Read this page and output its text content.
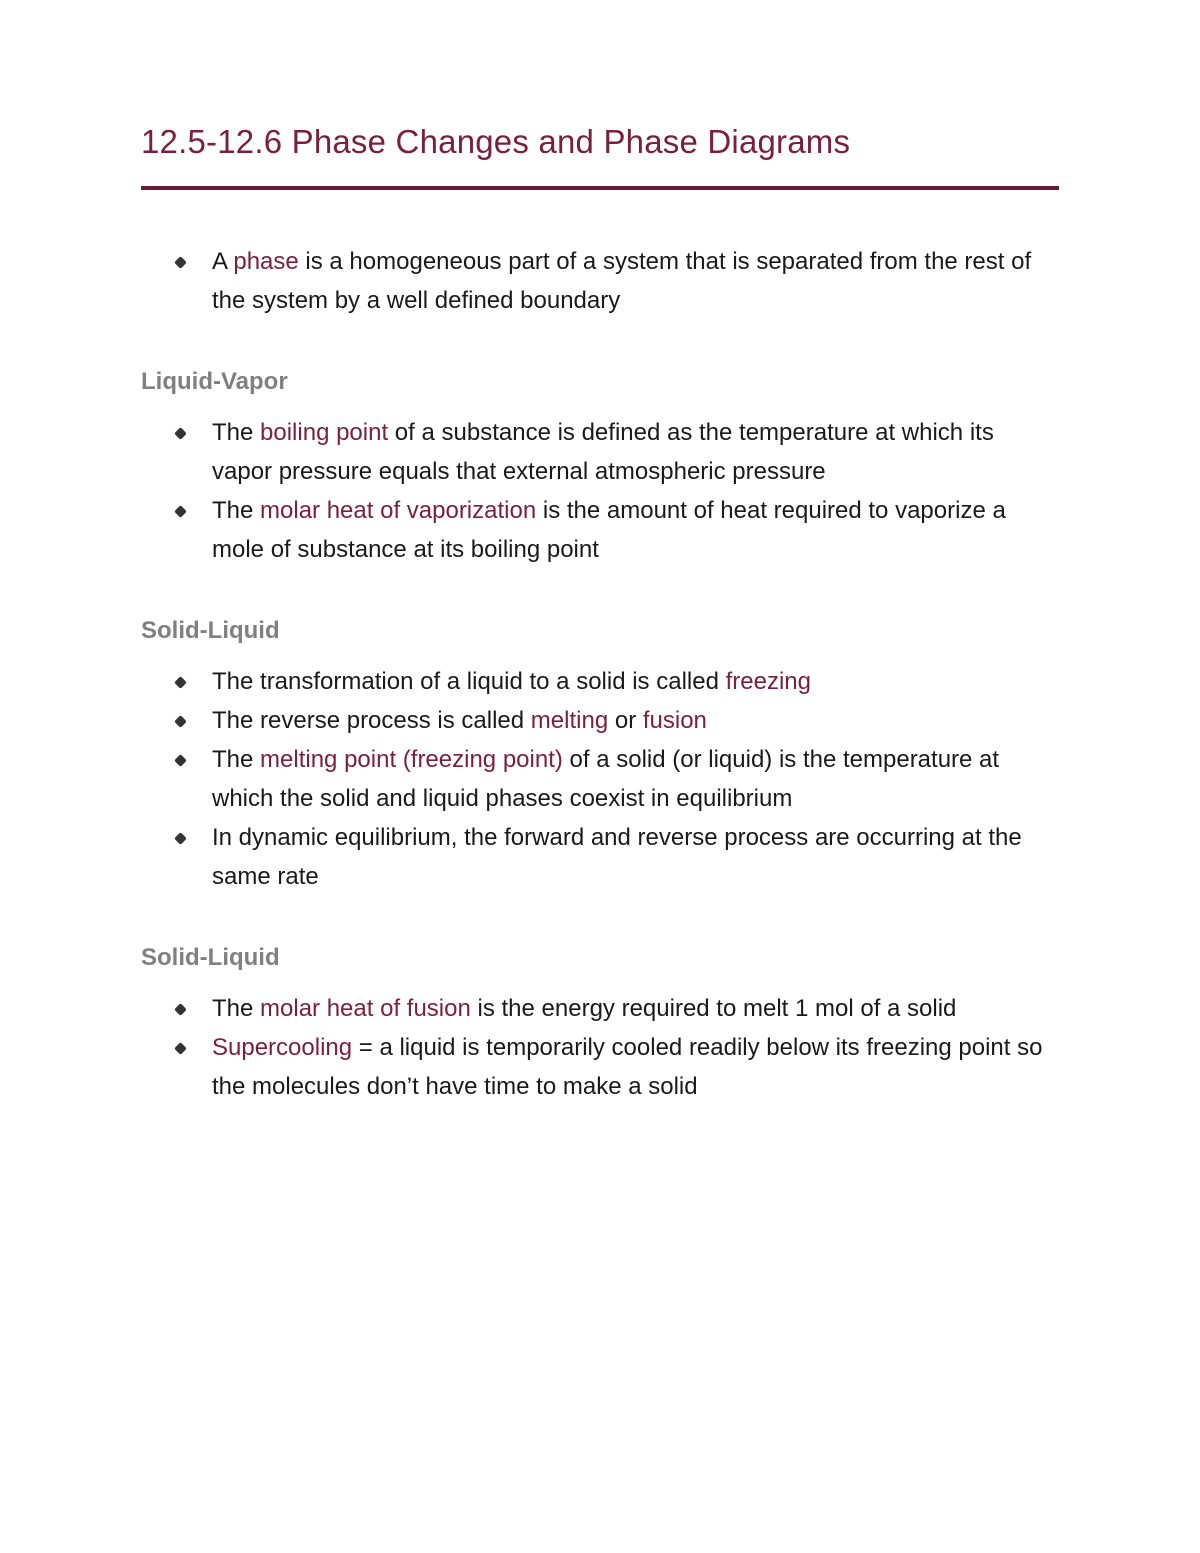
12.5-12.6 Phase Changes and Phase Diagrams
A phase is a homogeneous part of a system that is separated from the rest of the system by a well defined boundary
Liquid-Vapor
The boiling point of a substance is defined as the temperature at which its vapor pressure equals that external atmospheric pressure
The molar heat of vaporization is the amount of heat required to vaporize a mole of substance at its boiling point
Solid-Liquid
The transformation of a liquid to a solid is called freezing
The reverse process is called melting or fusion
The melting point (freezing point) of a solid (or liquid) is the temperature at which the solid and liquid phases coexist in equilibrium
In dynamic equilibrium, the forward and reverse process are occurring at the same rate
Solid-Liquid
The molar heat of fusion is the energy required to melt 1 mol of a solid
Supercooling = a liquid is temporarily cooled readily below its freezing point so the molecules don’t have time to make a solid
